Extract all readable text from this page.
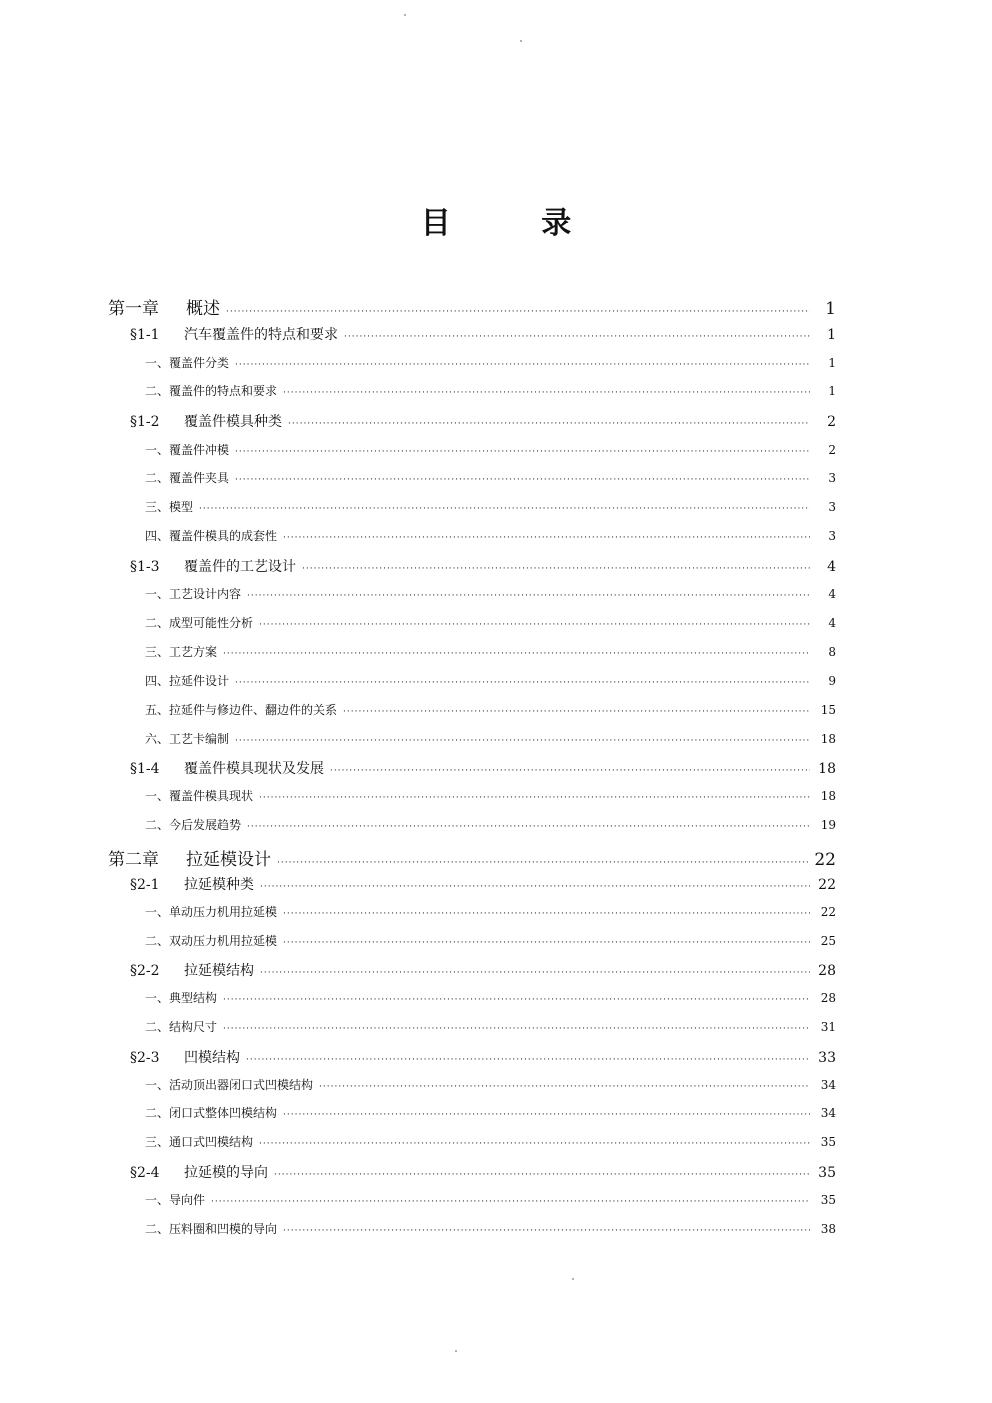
目 录
第一章 概述 ·····	1
§1-1 汽车覆盖件的特点和要求 ·····	1
一、覆盖件分类 ·····	1
二、覆盖件的特点和要求 ·····	1
§1-2 覆盖件模具种类 ·····	2
一、覆盖件冲模 ·····	2
二、覆盖件夹具 ·····	3
三、模型 ·····	3
四、覆盖件模具的成套性 ·····	3
§1-3 覆盖件的工艺设计 ·····	4
一、工艺设计内容 ·····	4
二、成型可能性分析 ·····	4
三、工艺方案 ·····	8
四、拉延件设计 ·····	9
五、拉延件与修边件、翻边件的关系 ·····	15
六、工艺卡编制 ·····	18
§1-4 覆盖件模具现状及发展 ·····	18
一、覆盖件模具现状 ·····	18
二、今后发展趋势 ·····	19
第二章 拉延模设计 ·····	22
§2-1 拉延模种类 ·····	22
一、单动压力机用拉延模 ·····	22
二、双动压力机用拉延模 ·····	25
§2-2 拉延模结构 ·····	28
一、典型结构 ·····	28
二、结构尺寸 ·····	31
§2-3 凹模结构 ·····	33
一、活动顶出器闭口式凹模结构 ·····	34
二、闭口式整体凹模结构 ·····	34
三、通口式凹模结构 ·····	35
§2-4 拉延模的导向 ·····	35
一、导向件 ·····	35
二、压料圈和凹模的导向 ·····	38
